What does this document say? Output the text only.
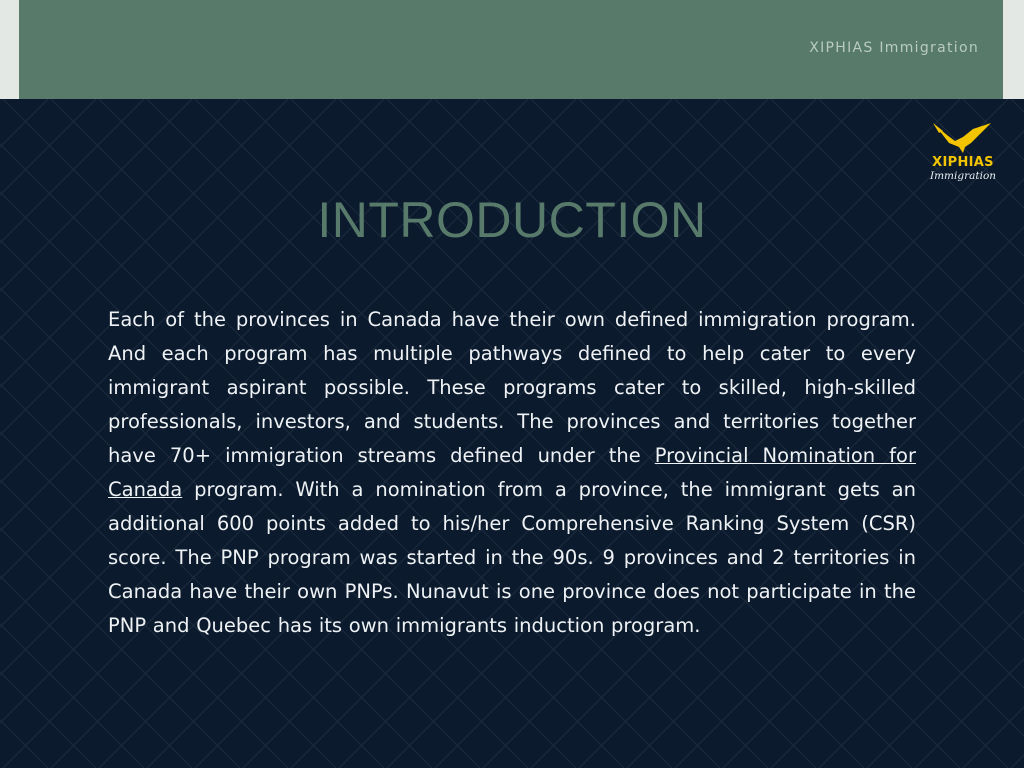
XIPHIAS Immigration
XIPHIAS
Immigration
INTRODUCTION

Each of the provinces in Canada have their own defined immigration program. And each program has multiple pathways defined to help cater to every immigrant aspirant possible. These programs cater to skilled, high-skilled professionals, investors, and students. The provinces and territories together have 70+ immigration streams defined under the Provincial Nomination for Canada program. With a nomination from a province, the immigrant gets an additional 600 points added to his/her Comprehensive Ranking System (CSR) score. The PNP program was started in the 90s. 9 provinces and 2 territories in Canada have their own PNPs. Nunavut is one province does not participate in the PNP and Quebec has its own immigrants induction program.
